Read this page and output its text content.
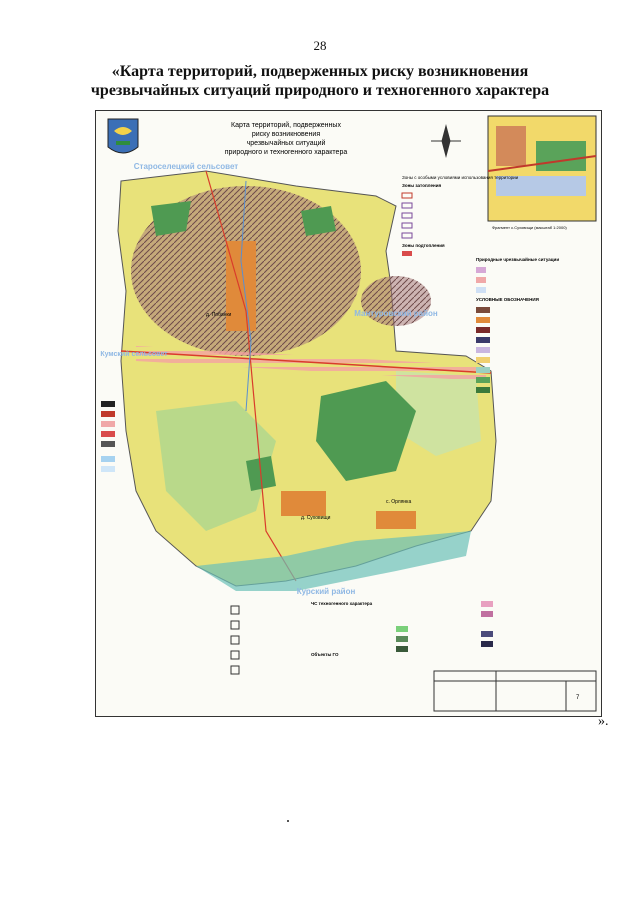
28
«Карта территорий, подверженных риску возникновения
чрезвычайных ситуаций природного и техногенного характера
Карта территорий, подверженных
риску возникновения
чрезвычайных ситуаций
природного и техногенного характера
Фрагмент с.Суховищи (масштаб 1:2000)
Староселецкий сельсовет
Мантуровский район
Кумский сельсовет
Курский район
д. Побанки
д. Суховищи
с. Орлянка
Зоны с особыми условиями использования территории
Зоны затопления
Зоны подтопления
Природные чрезвычайные ситуации
УСЛОВНЫЕ ОБОЗНАЧЕНИЯ
ЧС техногенного характера
Объекты ГО
7
».
